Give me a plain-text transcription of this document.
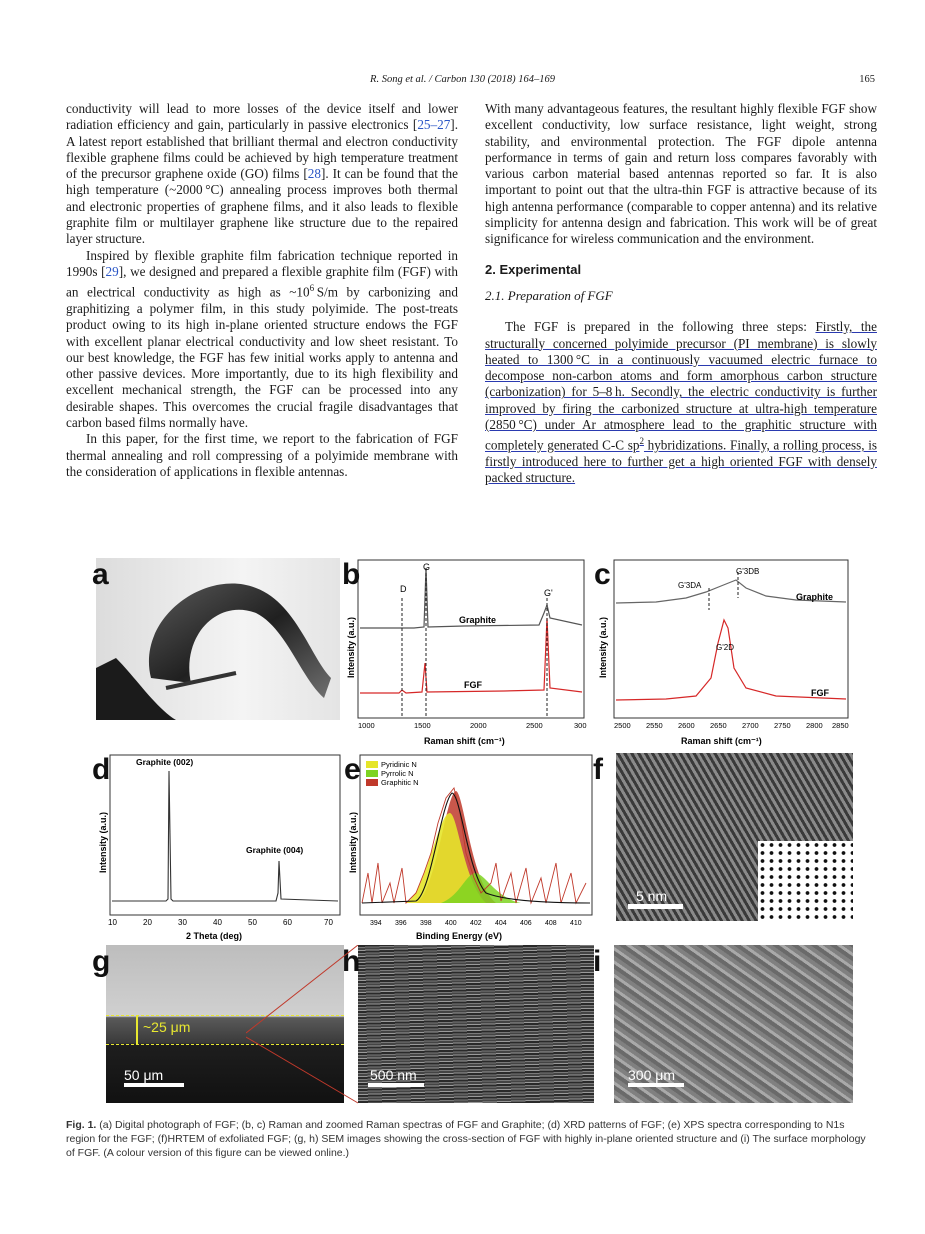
R. Song et al. / Carbon 130 (2018) 164–169	165

conductivity will lead to more losses of the device itself and lower radiation efficiency and gain, particularly in passive electronics [25–27]. A latest report established that brilliant thermal and electron conductivity flexible graphene films could be achieved by high temperature treatment of the precursor graphene oxide (GO) films [28]. It can be found that the high temperature (~2000 °C) annealing process improves both thermal and electronic properties of graphene films, and it also leads to flexible graphite film or multilayer graphene like structure due to the repaired layer structure.

Inspired by flexible graphite film fabrication technique reported in 1990s [29], we designed and prepared a flexible graphite film (FGF) with an electrical conductivity as high as $\sim 10^6$ S/m by carbonizing and graphitizing a polymer film, in this study polyimide. The post-treats product owing to its high in-plane oriented structure endows the FGF with excellent planar electrical conductivity and low sheet resistant. To our best knowledge, the FGF has few initial works apply to antenna and other passive devices. More importantly, due to its high flexibility and excellent mechanical strength, the FGF can be processed into any desirable shapes. This overcomes the crucial fragile disadvantages that carbon based films normally have.

In this paper, for the first time, we report to the fabrication of FGF thermal annealing and roll compressing of a polyimide membrane with the consideration of applications in flexible antennas.

With many advantageous features, the resultant highly flexible FGF show excellent conductivity, low surface resistance, light weight, strong stability, and environmental protection. The FGF dipole antenna performance in terms of gain and return loss compares favorably with various carbon material based antennas reported so far. It is also important to point out that the ultra-thin FGF is attractive because of its high antenna performance (comparable to copper antenna) and its relative simplicity for antenna design and fabrication. This work will be of great significance for wireless communication and the environment.

2. Experimental
2.1. Preparation of FGF

The FGF is prepared in the following three steps: Firstly, the structurally concerned polyimide precursor (PI membrane) is slowly heated to 1300 °C in a continuously vacuumed electric furnace to decompose non-carbon atoms and form amorphous carbon structure (carbonization) for 5–8 h. Secondly, the electric conductivity is further improved by firing the carbonized structure at ultra-high temperature (2850 °C) under Ar atmosphere lead to the graphitic structure with completely generated C-C $sp^2$ hybridizations. Finally, a rolling process, is firstly introduced here to further get a high oriented FGF with densely packed structure.

a
Intensity (a.u.)
D
G
G'
Graphite
FGF
1000	1500	2000	2500	300
Raman shift (cm⁻¹)
b
Intensity (a.u.)
G'3DA
G'3DB
G'2D
Graphite
FGF
2500 2550 2600 2650 2700 2750 2800 2850
Raman shift (cm⁻¹)
c
Intensity (a.u.)
Graphite (002)
Graphite (004)
10	20	30	40	50	60	70
2 Theta (deg)
d
Intensity (a.u.)
Pyridinic N
Pyrrolic N
Graphitic N
394 396 398 400 402 404 406 408 410
Binding Energy (eV)
e
5 nm
f
~25 μm
50 μm
g
500 nm
h
300 μm
i
Fig. 1. (a) Digital photograph of FGF; (b, c) Raman and zoomed Raman spectras of FGF and Graphite; (d) XRD patterns of FGF; (e) XPS spectra corresponding to N1s region for the FGF; (f)HRTEM of exfoliated FGF; (g, h) SEM images showing the cross-section of FGF with highly in-plane oriented structure and (i) The surface morphology of FGF. (A colour version of this figure can be viewed online.)
